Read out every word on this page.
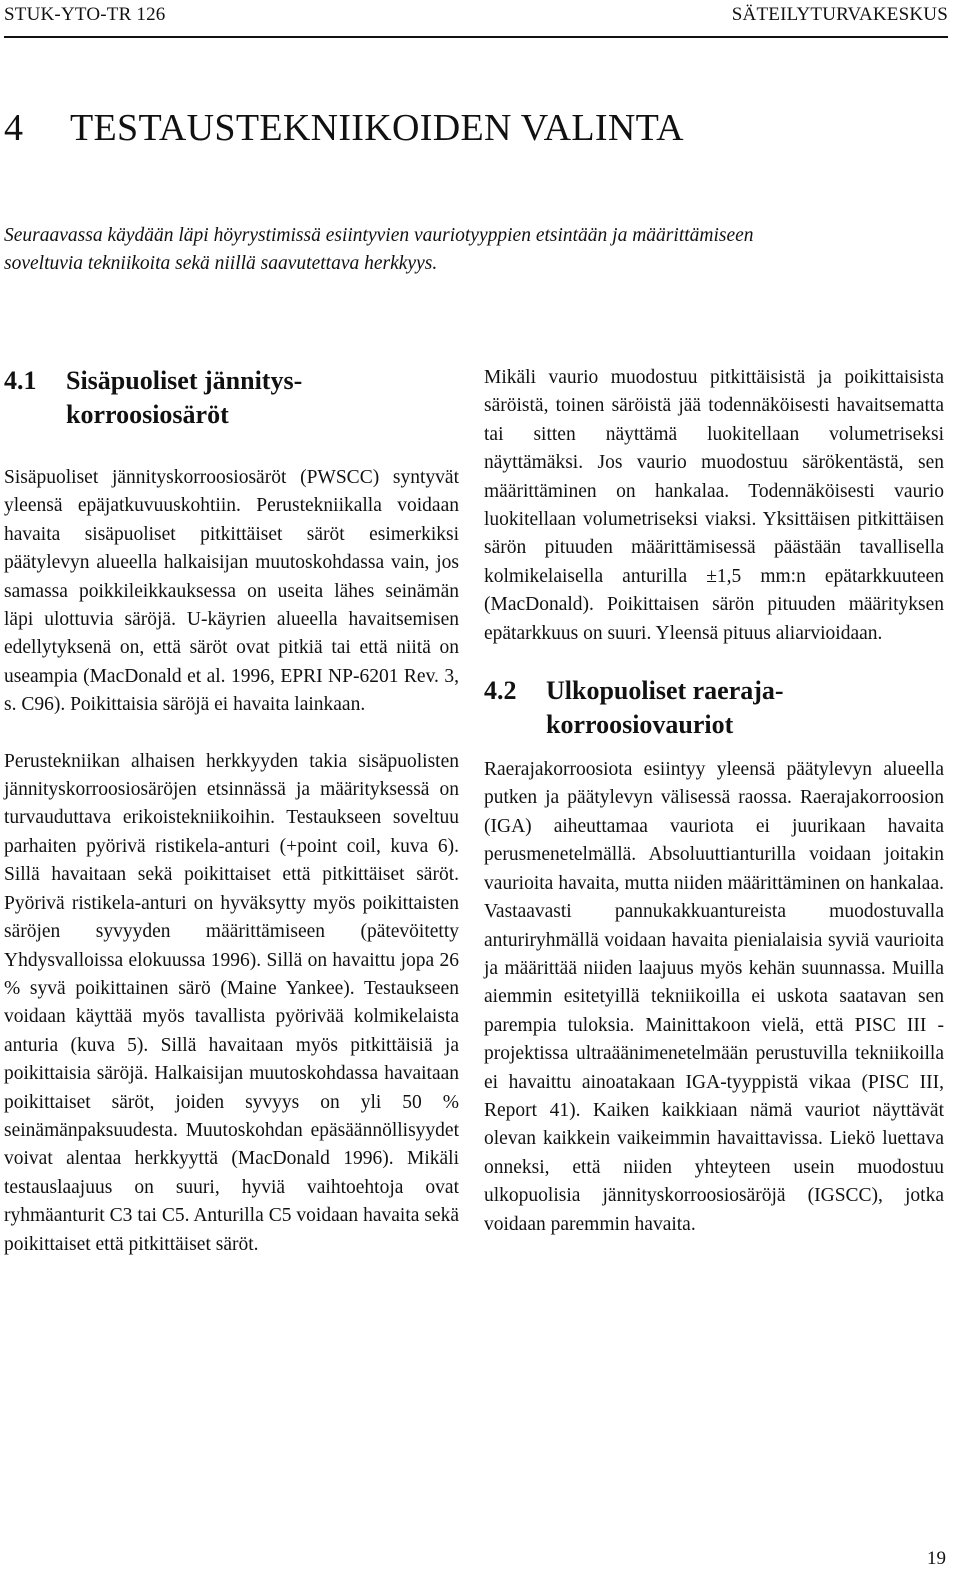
STUK-YTO-TR 126	SÄTEILYTURVAKESKUS
4 TESTAUSTEKNIIKOIDEN VALINTA

Seuraavassa käydään läpi höyrystimissä esiintyvien vauriotyyppien etsintään ja määrittämiseen soveltuvia tekniikoita sekä niillä saavutettava herkkyys.

4.1	Sisäpuoliset jännitys-korroosiosäröt

Sisäpuoliset jännityskorroosiosäröt (PWSCC) syntyvät yleensä epäjatkuvuuskohtiin. Perustekniikalla voidaan havaita sisäpuoliset pitkittäiset säröt esimerkiksi päätylevyn alueella halkaisijan muutoskohdassa vain, jos samassa poikkileikkauksessa on useita lähes seinämän läpi ulottuvia säröjä. U-käyrien alueella havaitsemisen edellytyksenä on, että säröt ovat pitkiä tai että niitä on useampia (MacDonald et al. 1996, EPRI NP-6201 Rev. 3, s. C96). Poikittaisia säröjä ei havaita lainkaan.

Perustekniikan alhaisen herkkyyden takia sisäpuolisten jännityskorroosiosäröjen etsinnässä ja määrityksessä on turvauduttava erikoistekniikoihin. Testaukseen soveltuu parhaiten pyörivä ristikela-anturi (+point coil, kuva 6). Sillä havaitaan sekä poikittaiset että pitkittäiset säröt. Pyörivä ristikela-anturi on hyväksytty myös poikittaisten säröjen syvyyden määrittämiseen (pätevöitetty Yhdysvalloissa elokuussa 1996). Sillä on havaittu jopa 26 % syvä poikittainen särö (Maine Yankee). Testaukseen voidaan käyttää myös tavallista pyörivää kolmikelaista anturia (kuva 5). Sillä havaitaan myös pitkittäisiä ja poikittaisia säröjä. Halkaisijan muutoskohdassa havaitaan poikittaiset säröt, joiden syvyys on yli 50 % seinämänpaksuudesta. Muutoskohdan epäsäännöllisyydet voivat alentaa herkkyyttä (MacDonald 1996). Mikäli testauslaajuus on suuri, hyviä vaihtoehtoja ovat ryhmäanturit C3 tai C5. Anturilla C5 voidaan havaita sekä poikittaiset että pitkittäiset säröt.

Mikäli vaurio muodostuu pitkittäisistä ja poikittaisista säröistä, toinen säröistä jää todennäköisesti havaitsematta tai sitten näyttämä luokitellaan volumetriseksi näyttämäksi. Jos vaurio muodostuu särökentästä, sen määrittäminen on hankalaa. Todennäköisesti vaurio luokitellaan volumetriseksi viaksi. Yksittäisen pitkittäisen särön pituuden määrittämisessä päästään tavallisella kolmikelaisella anturilla ±1,5 mm:n epätarkkuuteen (MacDonald). Poikittaisen särön pituuden määrityksen epätarkkuus on suuri. Yleensä pituus aliarvioidaan.

4.2	Ulkopuoliset raeraja-korroosiovauriot

Raerajakorroosiota esiintyy yleensä päätylevyn alueella putken ja päätylevyn välisessä raossa. Raerajakorroosion (IGA) aiheuttamaa vauriota ei juurikaan havaita perusmenetelmällä. Absoluuttianturilla voidaan joitakin vaurioita havaita, mutta niiden määrittäminen on hankalaa. Vastaavasti pannukakkuantureista muodostuvalla anturiryhmällä voidaan havaita pienialaisia syviä vaurioita ja määrittää niiden laajuus myös kehän suunnassa. Muilla aiemmin esitetyillä tekniikoilla ei uskota saatavan sen parempia tuloksia. Mainittakoon vielä, että PISC III -projektissa ultraäänimenetelmään perustuvilla tekniikoilla ei havaittu ainoatakaan IGA-tyyppistä vikaa (PISC III, Report 41). Kaiken kaikkiaan nämä vauriot näyttävät olevan kaikkein vaikeimmin havaittavissa. Liekö luettava onneksi, että niiden yhteyteen usein muodostuu ulkopuolisia jännityskorroosiosäröjä (IGSCC), jotka voidaan paremmin havaita.

19
